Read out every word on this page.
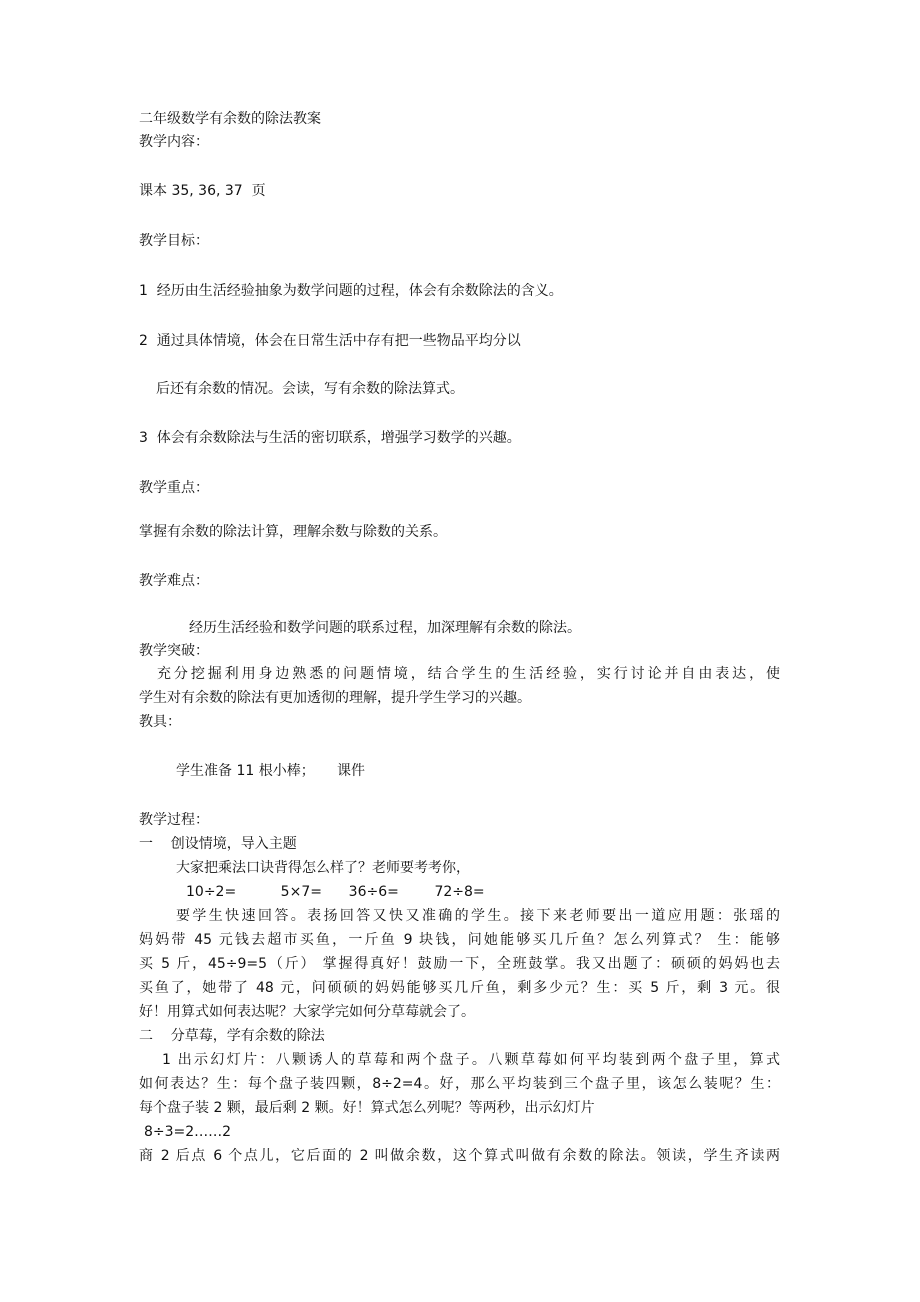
二年级数学有余数的除法教案
教学内容：
课本 35, 36, 37  页
教学目标：
1  经历由生活经验抽象为数学问题的过程，体会有余数除法的含义。
2  通过具体情境，体会在日常生活中存有把一些物品平均分以
后还有余数的情况。会读，写有余数的除法算式。
3  体会有余数除法与生活的密切联系，增强学习数学的兴趣。
教学重点：
掌握有余数的除法计算，理解余数与除数的关系。
教学难点：
经历生活经验和数学问题的联系过程，加深理解有余数的除法。
教学突破：
充分挖掘利用身边熟悉的问题情境，结合学生的生活经验，实行讨论并自由表达，使
学生对有余数的除法有更加透彻的理解，提升学生学习的兴趣。
教具：
学生准备 11 根小棒；     课件
教学过程：
一    创设情境，导入主题
大家把乘法口诀背得怎么样了？老师要考考你，
10÷2=          5×7=      36÷6=        72÷8=
要学生快速回答。表扬回答又快又准确的学生。接下来老师要出一道应用题：张瑶的
妈妈带 45 元钱去超市买鱼，一斤鱼 9 块钱，问她能够买几斤鱼？怎么列算式？ 生：能够
买 5 斤，45÷9=5（斤） 掌握得真好！鼓励一下，全班鼓掌。我又出题了：硕硕的妈妈也去
买鱼了，她带了 48 元，问硕硕的妈妈能够买几斤鱼，剩多少元？生：买 5 斤，剩 3 元。很
好！用算式如何表达呢？大家学完如何分草莓就会了。
二    分草莓，学有余数的除法
1 出示幻灯片：八颗诱人的草莓和两个盘子。八颗草莓如何平均装到两个盘子里，算式
如何表达？生：每个盘子装四颗，8÷2=4。好，那么平均装到三个盘子里，该怎么装呢？生：
每个盘子装 2 颗，最后剩 2 颗。好！算式怎么列呢？等两秒，出示幻灯片
8÷3=2……2
商 2 后点 6 个点儿，它后面的 2 叫做余数，这个算式叫做有余数的除法。领读，学生齐读两
